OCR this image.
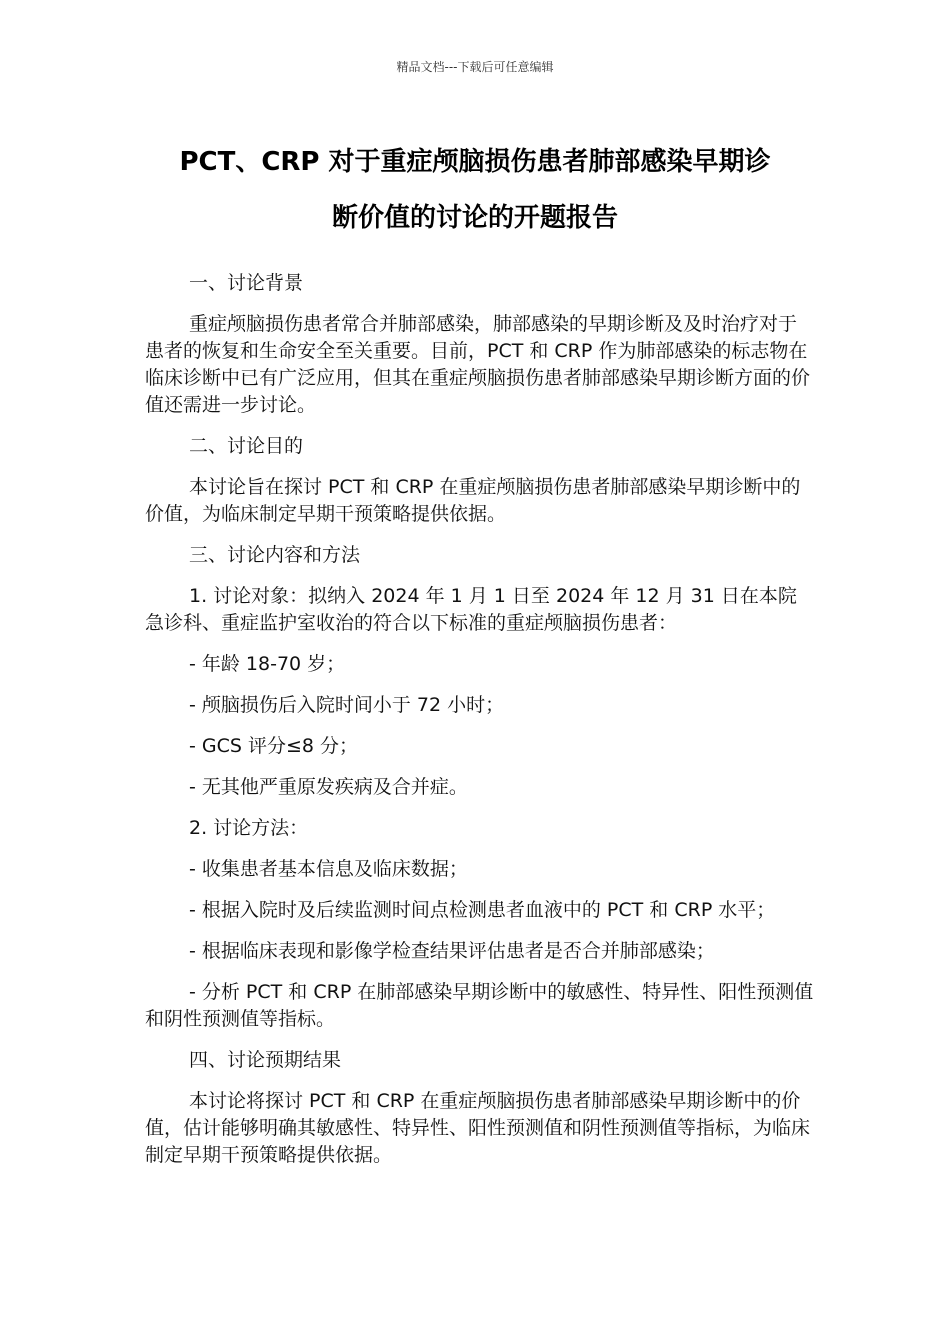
精品文档---下载后可任意编辑
PCT、CRP 对于重症颅脑损伤患者肺部感染早期诊
断价值的讨论的开题报告

一、讨论背景

重症颅脑损伤患者常合并肺部感染，肺部感染的早期诊断及及时治疗对于患者的恢复和生命安全至关重要。目前，PCT 和 CRP 作为肺部感染的标志物在临床诊断中已有广泛应用，但其在重症颅脑损伤患者肺部感染早期诊断方面的价值还需进一步讨论。

二、讨论目的

本讨论旨在探讨 PCT 和 CRP 在重症颅脑损伤患者肺部感染早期诊断中的价值，为临床制定早期干预策略提供依据。

三、讨论内容和方法

1. 讨论对象：拟纳入 2024 年 1 月 1 日至 2024 年 12 月 31 日在本院急诊科、重症监护室收治的符合以下标准的重症颅脑损伤患者：

- 年龄 18-70 岁；

- 颅脑损伤后入院时间小于 72 小时；

- GCS 评分≤8 分；

- 无其他严重原发疾病及合并症。

2. 讨论方法：

- 收集患者基本信息及临床数据；

- 根据入院时及后续监测时间点检测患者血液中的 PCT 和 CRP 水平；

- 根据临床表现和影像学检查结果评估患者是否合并肺部感染；

- 分析 PCT 和 CRP 在肺部感染早期诊断中的敏感性、特异性、阳性预测值和阴性预测值等指标。

四、讨论预期结果

本讨论将探讨 PCT 和 CRP 在重症颅脑损伤患者肺部感染早期诊断中的价值，估计能够明确其敏感性、特异性、阳性预测值和阴性预测值等指标，为临床制定早期干预策略提供依据。
